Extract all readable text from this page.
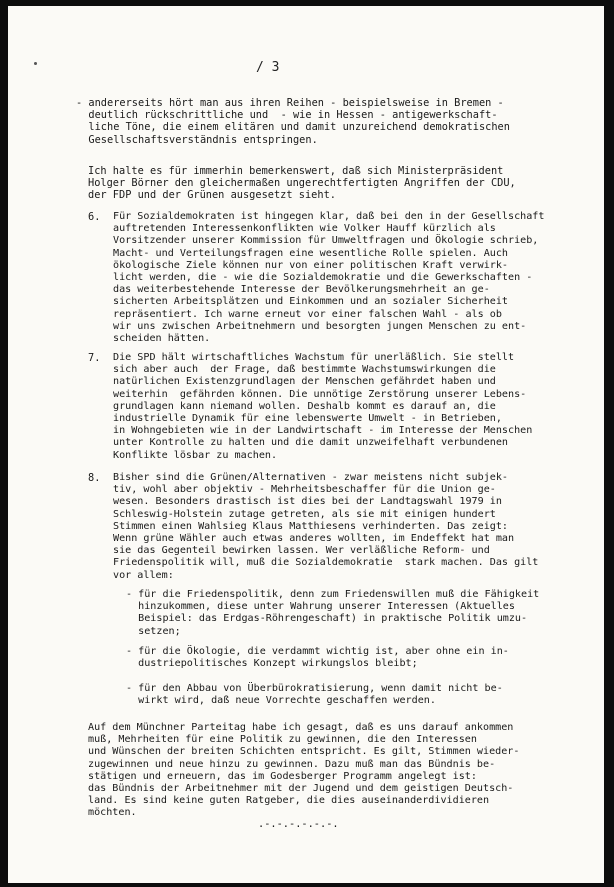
/ 3
- andererseits hört man aus ihren Reihen - beispielsweise in Bremen -
deutlich rückschrittliche und  - wie in Hessen - antigewerkschaft-
liche Töne, die einem elitären und damit unzureichend demokratischen
Gesellschaftsverständnis entspringen.
Ich halte es für immerhin bemerkenswert, daß sich Ministerpräsident
Holger Börner den gleichermaßen ungerechtfertigten Angriffen der CDU,
der FDP und der Grünen ausgesetzt sieht.
6. Für Sozialdemokraten ist hingegen klar, daß bei den in der Gesellschaft
auftretenden Interessenkonflikten wie Volker Hauff kürzlich als
Vorsitzender unserer Kommission für Umweltfragen und Ökologie schrieb,
Macht- und Verteilungsfragen eine wesentliche Rolle spielen. Auch
ökologische Ziele können nur von einer politischen Kraft verwirk-
licht werden, die - wie die Sozialdemokratie und die Gewerkschaften -
das weiterbestehende Interesse der Bevölkerungsmehrheit an ge-
sicherten Arbeitsplätzen und Einkommen und an sozialer Sicherheit
repräsentiert. Ich warne erneut vor einer falschen Wahl - als ob
wir uns zwischen Arbeitnehmern und besorgten jungen Menschen zu ent-
scheiden hätten.
7. Die SPD hält wirtschaftliches Wachstum für unerläßlich. Sie stellt
sich aber auch  der Frage, daß bestimmte Wachstumswirkungen die
natürlichen Existenzgrundlagen der Menschen gefährdet haben und
weiterhin  gefährden können. Die unnötige Zerstörung unserer Lebens-
grundlagen kann niemand wollen. Deshalb kommt es darauf an, die
industrielle Dynamik für eine lebenswerte Umwelt - in Betrieben,
in Wohngebieten wie in der Landwirtschaft - im Interesse der Menschen
unter Kontrolle zu halten und die damit unzweifelhaft verbundenen
Konflikte lösbar zu machen.
8. Bisher sind die Grünen/Alternativen - zwar meistens nicht subjek-
tiv, wohl aber objektiv - Mehrheitsbeschaffer für die Union ge-
wesen. Besonders drastisch ist dies bei der Landtagswahl 1979 in
Schleswig-Holstein zutage getreten, als sie mit einigen hundert
Stimmen einen Wahlsieg Klaus Matthiesens verhinderten. Das zeigt:
Wenn grüne Wähler auch etwas anderes wollten, im Endeffekt hat man
sie das Gegenteil bewirken lassen. Wer verläßliche Reform- und
Friedenspolitik will, muß die Sozialdemokratie  stark machen. Das gilt
vor allem:
- für die Friedenspolitik, denn zum Friedenswillen muß die Fähigkeit
hinzukommen, diese unter Wahrung unserer Interessen (Aktuelles
Beispiel: das Erdgas-Röhrengeschaft) in praktische Politik umzu-
setzen;
- für die Ökologie, die verdammt wichtig ist, aber ohne ein in-
dustriepolitisches Konzept wirkungslos bleibt;
- für den Abbau von Überbürokratisierung, wenn damit nicht be-
wirkt wird, daß neue Vorrechte geschaffen werden.
Auf dem Münchner Parteitag habe ich gesagt, daß es uns darauf ankommen
muß, Mehrheiten für eine Politik zu gewinnen, die den Interessen
und Wünschen der breiten Schichten entspricht. Es gilt, Stimmen wieder-
zugewinnen und neue hinzu zu gewinnen. Dazu muß man das Bündnis be-
stätigen und erneuern, das im Godesberger Programm angelegt ist:
das Bündnis der Arbeitnehmer mit der Jugend und dem geistigen Deutsch-
land. Es sind keine guten Ratgeber, die dies auseinanderdividieren
möchten.
.-.-.-.-.-.-.
